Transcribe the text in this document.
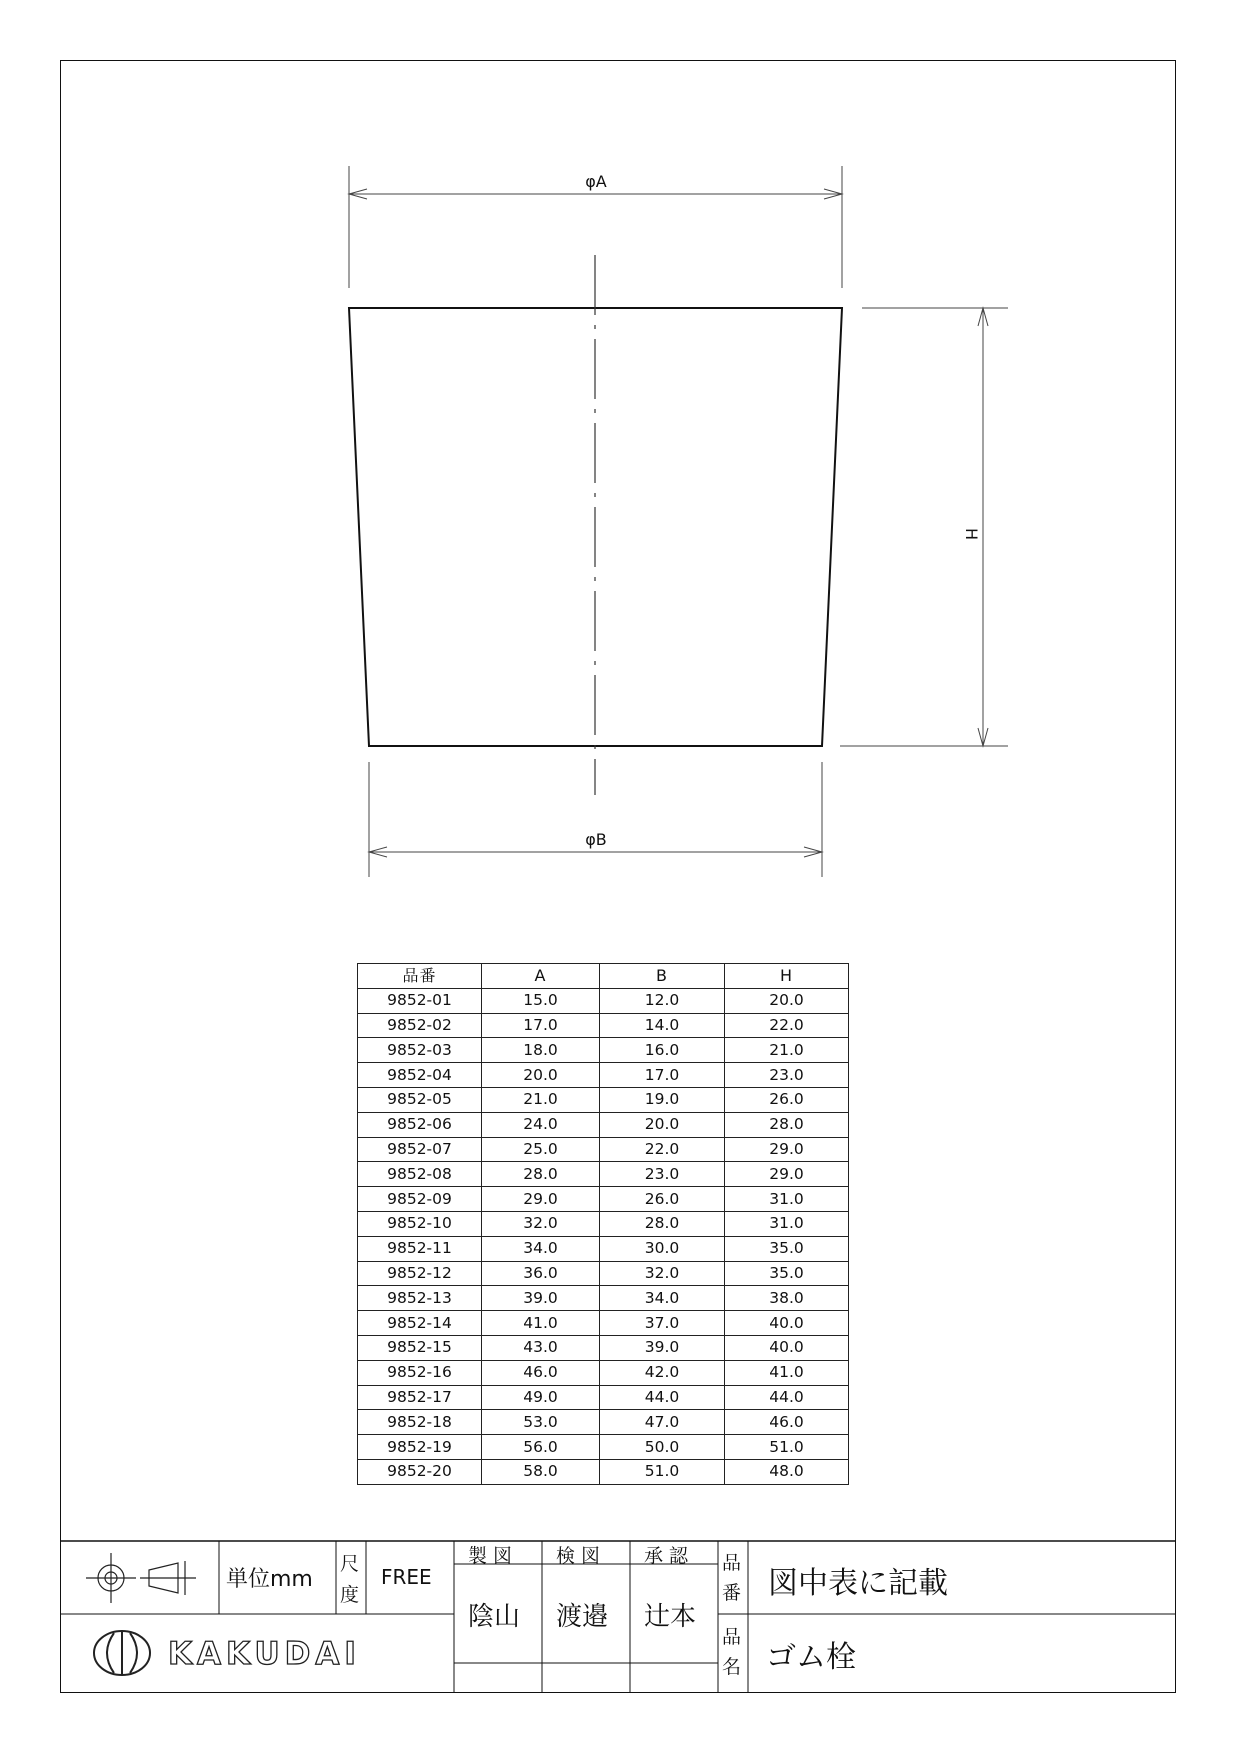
φA
φB
H
品番	A	B	H
9852-01	15.0	12.0	20.0
9852-02	17.0	14.0	22.0
9852-03	18.0	16.0	21.0
9852-04	20.0	17.0	23.0
9852-05	21.0	19.0	26.0
9852-06	24.0	20.0	28.0
9852-07	25.0	22.0	29.0
9852-08	28.0	23.0	29.0
9852-09	29.0	26.0	31.0
9852-10	32.0	28.0	31.0
9852-11	34.0	30.0	35.0
9852-12	36.0	32.0	35.0
9852-13	39.0	34.0	38.0
9852-14	41.0	37.0	40.0
9852-15	43.0	39.0	40.0
9852-16	46.0	42.0	41.0
9852-17	49.0	44.0	44.0
9852-18	53.0	47.0	46.0
9852-19	56.0	50.0	51.0
9852-20	58.0	51.0	48.0
単位mm
尺
度
FREE
製 図 検 図 承 認
陰山 渡邉 辻本
品
番 図中表に記載
品
名 ゴム栓
KAKUDAI
